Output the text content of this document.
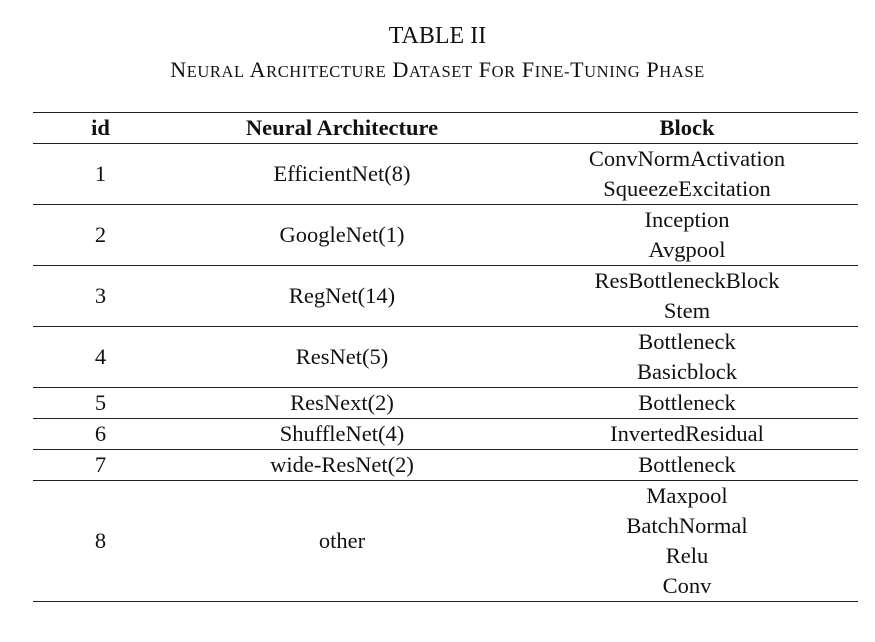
TABLE II
NEURAL ARCHITECTURE DATASET FOR FINE-TUNING PHASE
id	Neural Architecture	Block
1	EfficientNet(8)	ConvNormActivation
SqueezeExcitation

2	GoogleNet(1)	Inception
Avgpool

3	RegNet(14)	ResBottleneckBlock
Stem

4	ResNet(5)	Bottleneck
Basicblock

5	ResNext(2)	Bottleneck

6	ShuffleNet(4)	InvertedResidual

7	wide-ResNet(2)	Bottleneck

8	other	Maxpool
BatchNormal
Relu
Conv
